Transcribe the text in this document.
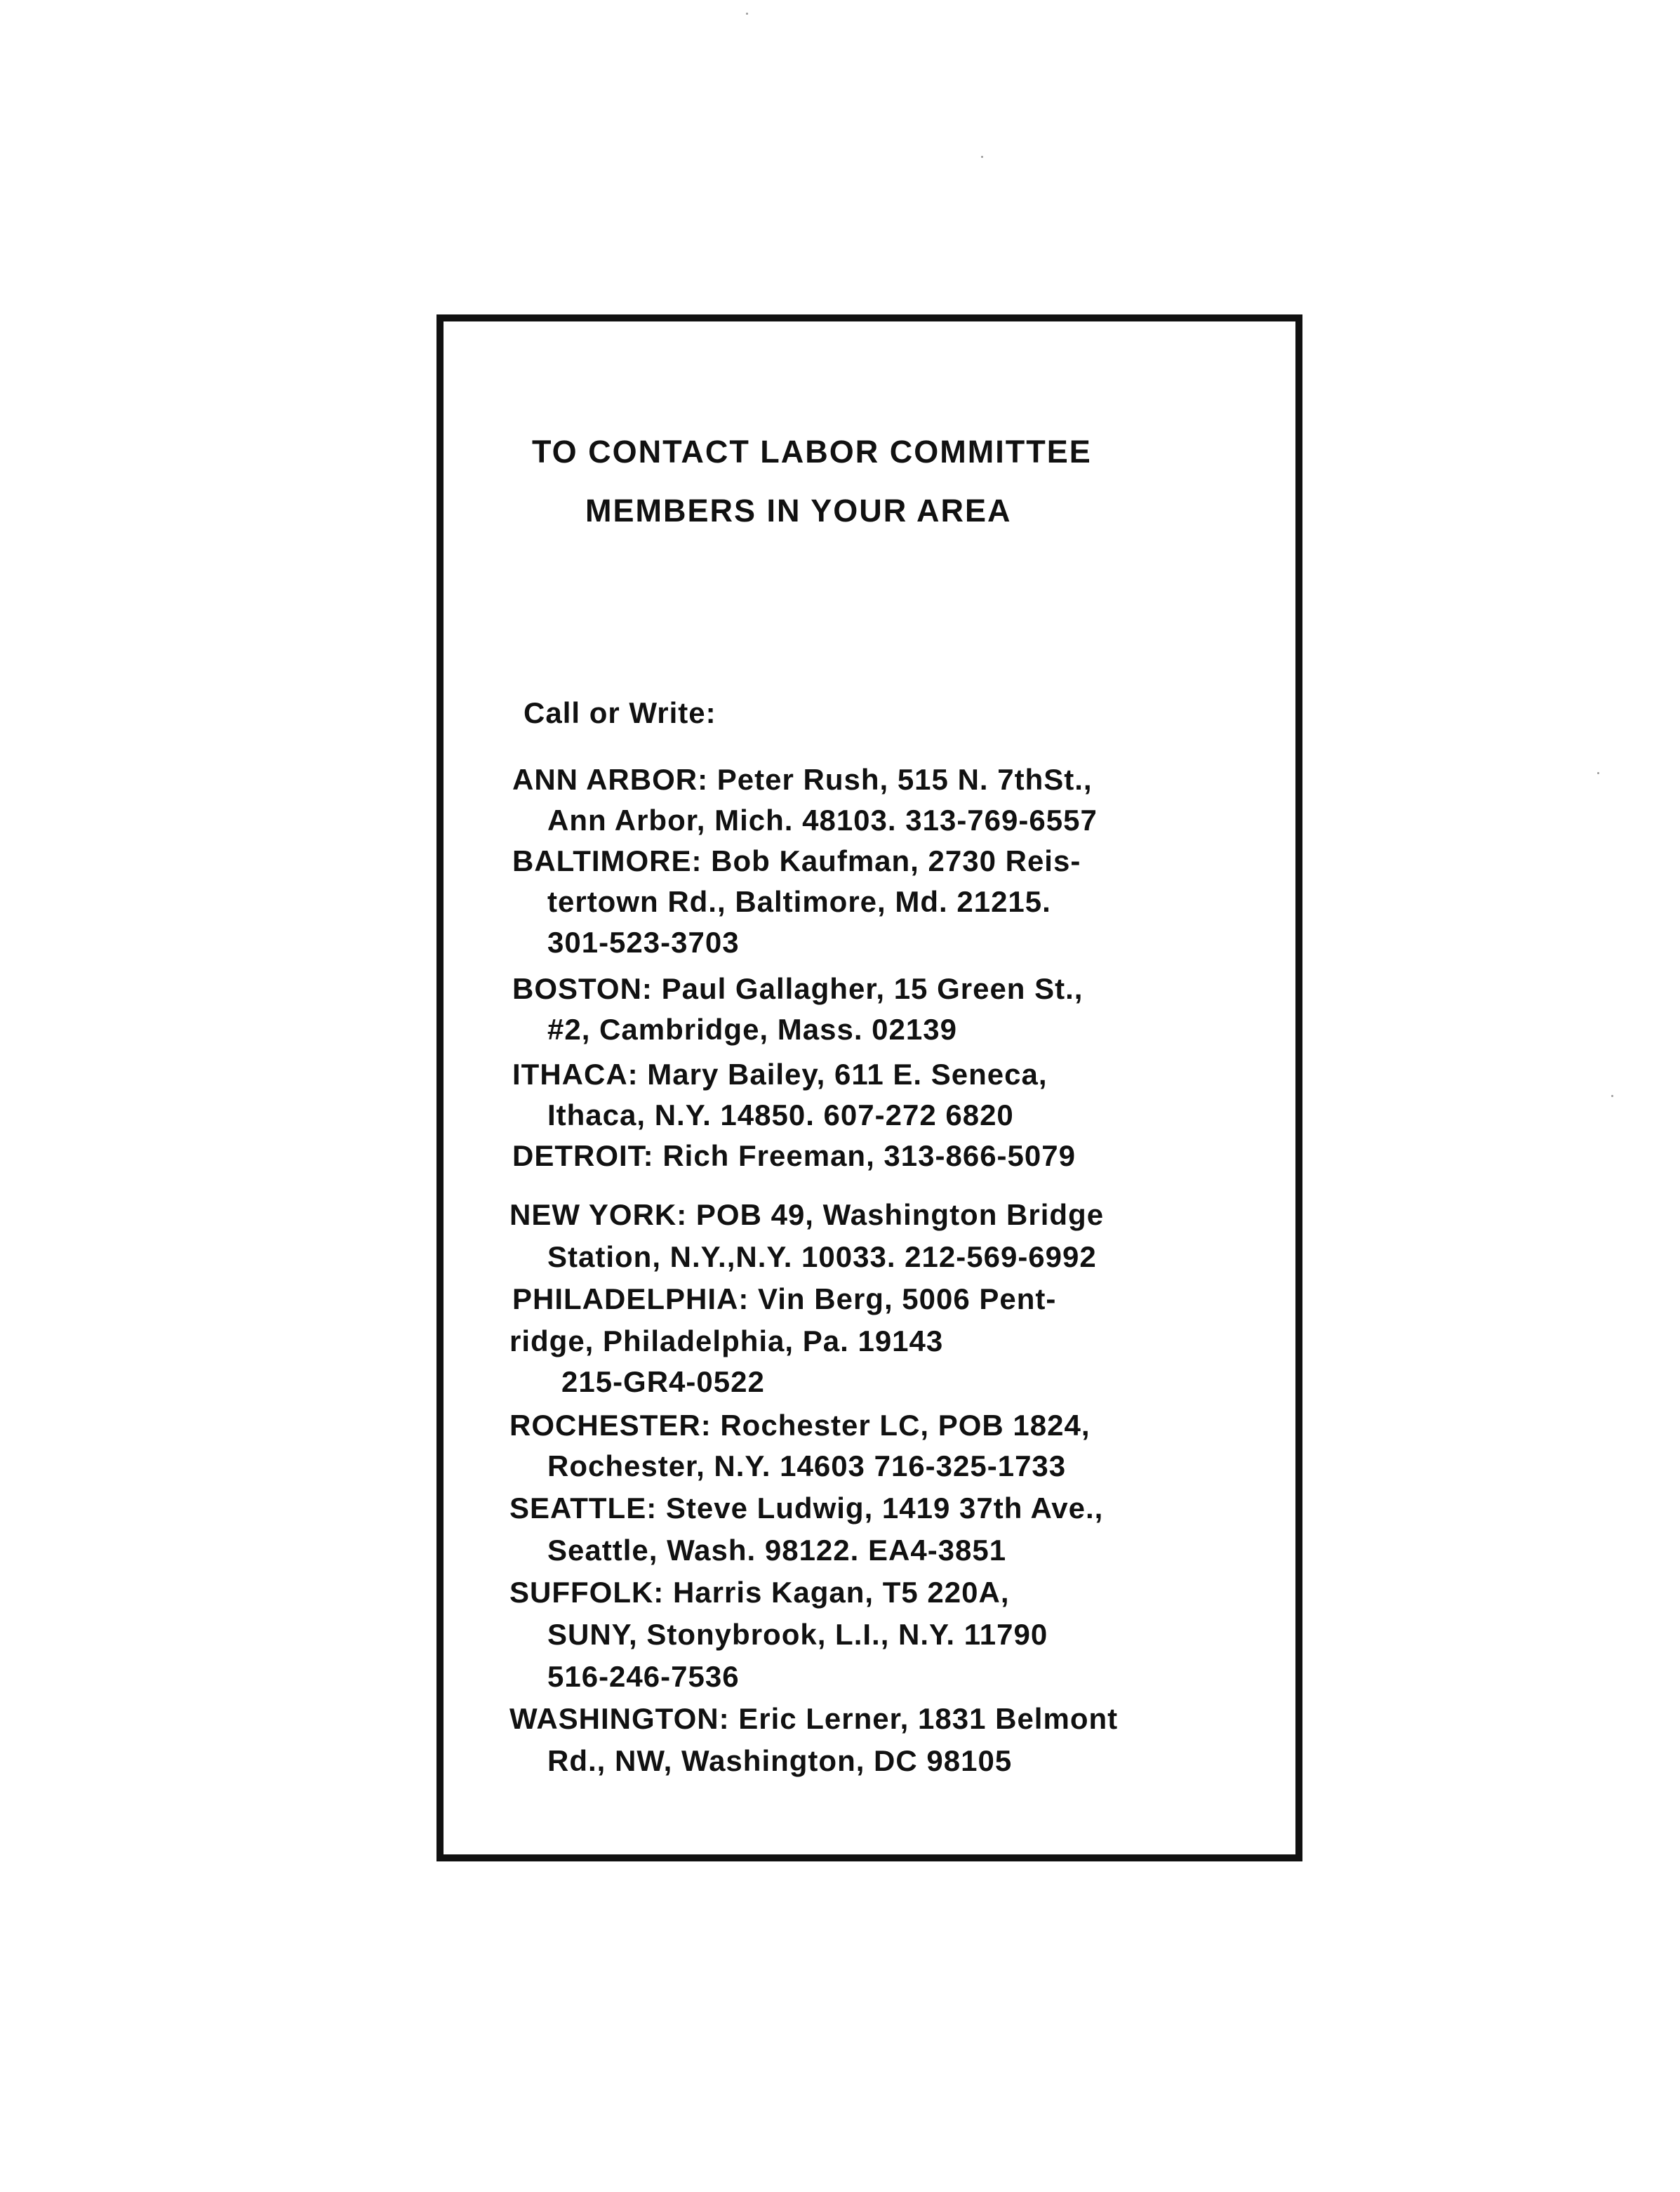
TO CONTACT LABOR COMMITTEE
MEMBERS IN YOUR AREA
Call or Write:
ANN ARBOR: Peter Rush, 515 N. 7thSt.,
Ann Arbor, Mich. 48103. 313-769-6557
BALTIMORE: Bob Kaufman, 2730 Reis-
tertown Rd., Baltimore, Md. 21215.
301-523-3703
BOSTON: Paul Gallagher, 15 Green St.,
#2, Cambridge, Mass. 02139
ITHACA: Mary Bailey, 611 E. Seneca,
Ithaca, N.Y. 14850. 607-272 6820
DETROIT: Rich Freeman, 313-866-5079
NEW YORK: POB 49, Washington Bridge
Station, N.Y.,N.Y. 10033. 212-569-6992
PHILADELPHIA: Vin Berg, 5006 Pent-
ridge, Philadelphia, Pa. 19143
215-GR4-0522
ROCHESTER: Rochester LC, POB 1824,
Rochester, N.Y. 14603 716-325-1733
SEATTLE: Steve Ludwig, 1419 37th Ave.,
Seattle, Wash. 98122. EA4-3851
SUFFOLK: Harris Kagan, T5 220A,
SUNY, Stonybrook, L.I., N.Y. 11790
516-246-7536
WASHINGTON: Eric Lerner, 1831 Belmont
Rd., NW, Washington, DC 98105
